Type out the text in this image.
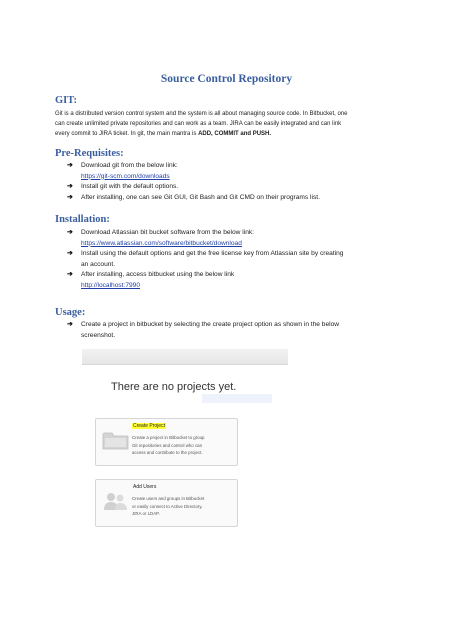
Source Control Repository
GIT:
Git is a distributed version control system and the system is all about managing source code. In Bitbucket, one
can create unlimited private repositories and can work as a team. JIRA can be easily integrated and can link
every commit to JIRA ticket. In git, the main mantra is ADD, COMMIT and PUSH.
Pre-Requisites:
➔ Download git from the below link:
https://git-scm.com/downloads
➔ Install git with the default options.
➔ After installing, one can see Git GUI, Git Bash and Git CMD on their programs list.
Installation:
➔ Download Atlassian bit bucket software from the below link:
https://www.atlassian.com/software/bitbucket/download
➔ Install using the default options and get the free license key from Atlassian site by creating
an account.
➔ After installing, access bitbucket using the below link
http://localhost:7990
Usage:
➔ Create a project in bitbucket by selecting the create project option as shown in the below
screenshot.
There are no projects yet.
Create Project
Create a project in Bitbucket to group
Git repositories and control who can
access and contribute to the project.
Add Users
Create users and groups in Bitbucket
or easily connect to Active Directory,
JIRA or LDAP.
